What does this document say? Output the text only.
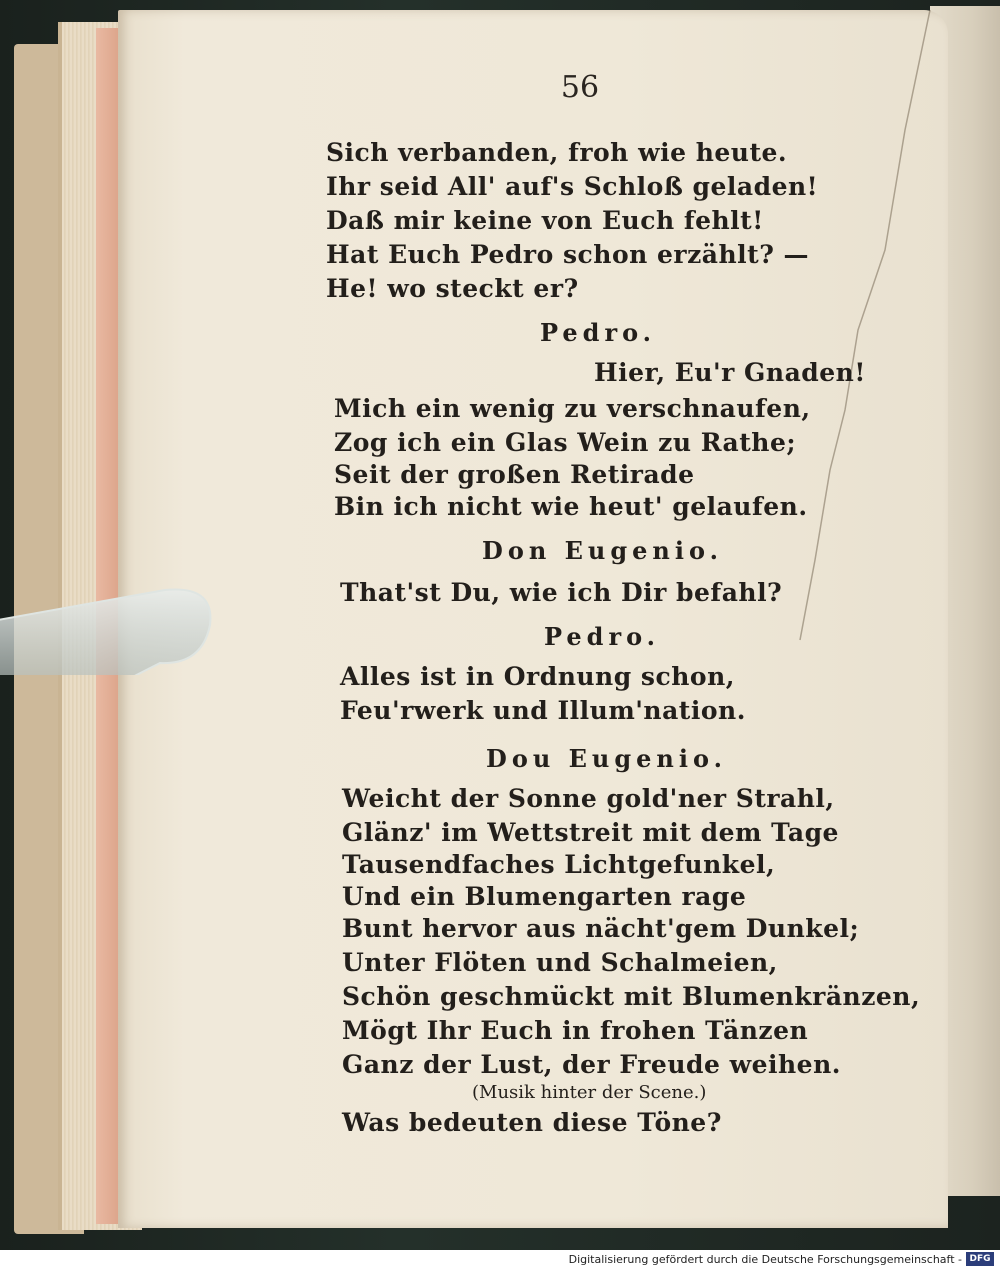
56
Sich verbanden, froh wie heute.
Ihr seid All' auf's Schloß geladen!
Daß mir keine von Euch fehlt!
Hat Euch Pedro schon erzählt? —
He! wo steckt er?
Pedro.
Hier, Eu'r Gnaden!
Mich ein wenig zu verschnaufen,
Zog ich ein Glas Wein zu Rathe;
Seit der großen Retirade
Bin ich nicht wie heut' gelaufen.
Don Eugenio.
That'st Du, wie ich Dir befahl?
Pedro.
Alles ist in Ordnung schon,
Feu'rwerk und Illum'nation.
Dou Eugenio.
Weicht der Sonne gold'ner Strahl,
Glänz' im Wettstreit mit dem Tage
Tausendfaches Lichtgefunkel,
Und ein Blumengarten rage
Bunt hervor aus nächt'gem Dunkel;
Unter Flöten und Schalmeien,
Schön geschmückt mit Blumenkränzen,
Mögt Ihr Euch in frohen Tänzen
Ganz der Lust, der Freude weihen.
(Musik hinter der Scene.)
Was bedeuten diese Töne?
Digitalisierung gefördert durch die Deutsche Forschungsgemeinschaft - DFG
